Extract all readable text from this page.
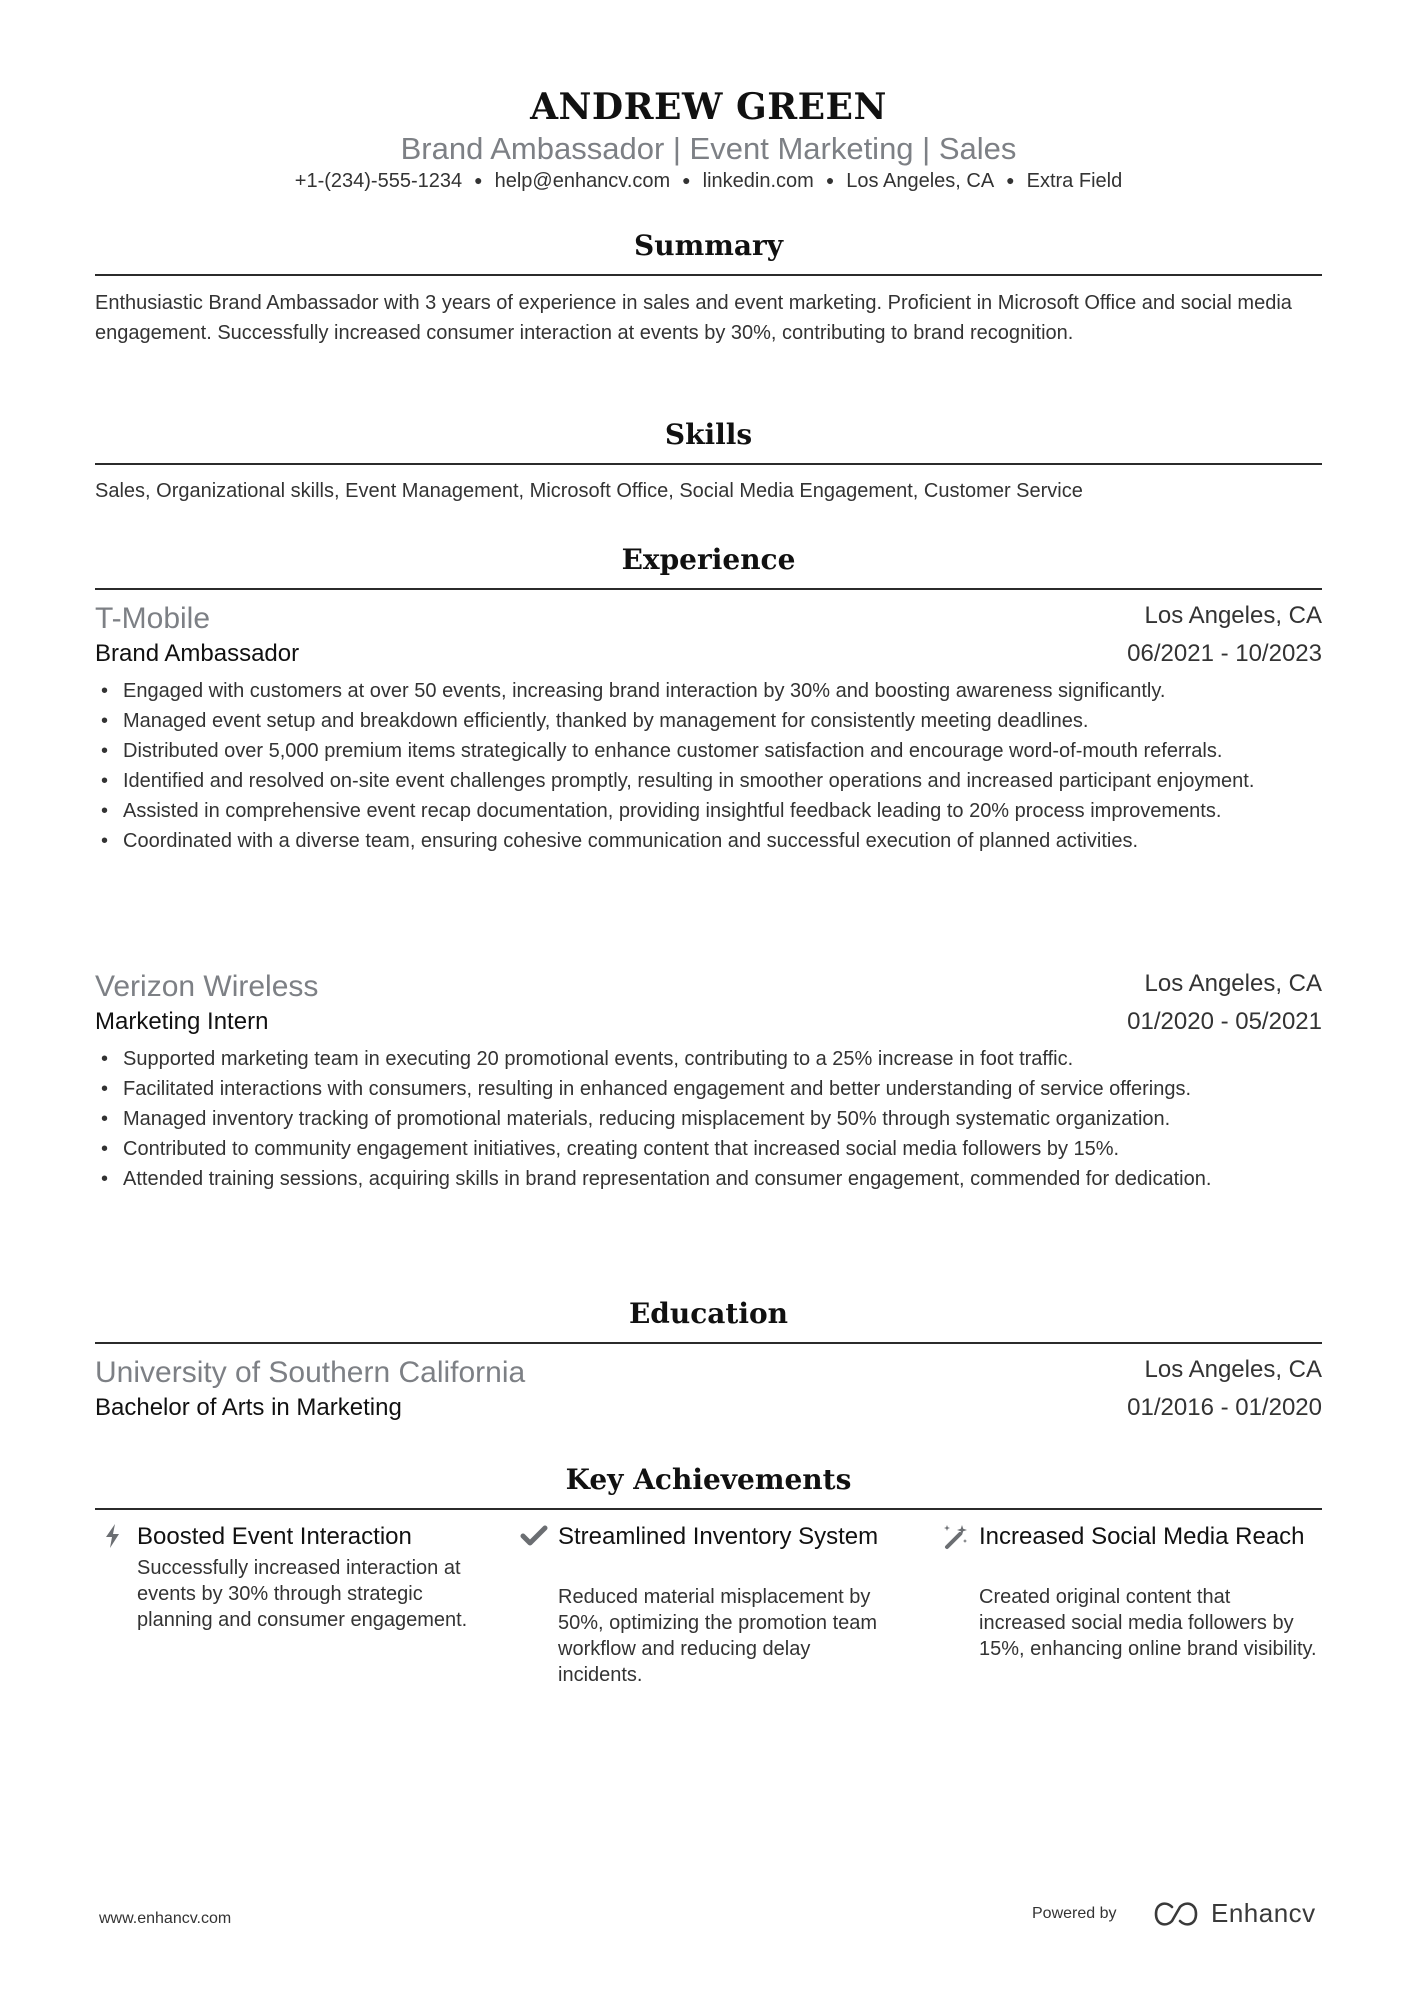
ANDREW GREEN
Brand Ambassador | Event Marketing | Sales
+1-(234)-555-1234 ● help@enhancv.com ● linkedin.com ● Los Angeles, CA ● Extra Field
Summary
Enthusiastic Brand Ambassador with 3 years of experience in sales and event marketing. Proficient in Microsoft Office and social media engagement. Successfully increased consumer interaction at events by 30%, contributing to brand recognition.
Skills
Sales, Organizational skills, Event Management, Microsoft Office, Social Media Engagement, Customer Service
Experience
T-Mobile	Los Angeles, CA
Brand Ambassador	06/2021 - 10/2023
• Engaged with customers at over 50 events, increasing brand interaction by 30% and boosting awareness significantly.
• Managed event setup and breakdown efficiently, thanked by management for consistently meeting deadlines.
• Distributed over 5,000 premium items strategically to enhance customer satisfaction and encourage word-of-mouth referrals.
• Identified and resolved on-site event challenges promptly, resulting in smoother operations and increased participant enjoyment.
• Assisted in comprehensive event recap documentation, providing insightful feedback leading to 20% process improvements.
• Coordinated with a diverse team, ensuring cohesive communication and successful execution of planned activities.
Verizon Wireless	Los Angeles, CA
Marketing Intern	01/2020 - 05/2021
• Supported marketing team in executing 20 promotional events, contributing to a 25% increase in foot traffic.
• Facilitated interactions with consumers, resulting in enhanced engagement and better understanding of service offerings.
• Managed inventory tracking of promotional materials, reducing misplacement by 50% through systematic organization.
• Contributed to community engagement initiatives, creating content that increased social media followers by 15%.
• Attended training sessions, acquiring skills in brand representation and consumer engagement, commended for dedication.
Education
University of Southern California	Los Angeles, CA
Bachelor of Arts in Marketing	01/2016 - 01/2020
Key Achievements
Boosted Event Interaction
Successfully increased interaction at events by 30% through strategic planning and consumer engagement.
Streamlined Inventory System
Reduced material misplacement by 50%, optimizing the promotion team workflow and reducing delay incidents.
Increased Social Media Reach
Created original content that increased social media followers by 15%, enhancing online brand visibility.
www.enhancv.com	Powered by	Enhancv
